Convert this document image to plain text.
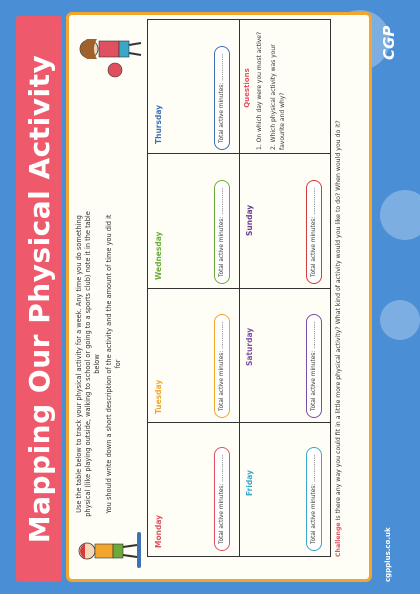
Mapping Our Physical Activity	Use the table below to track your physical activity for a week. Any time you do something physical (like playing outside, walking to school or going to a sports club) note it in the table below You should write down a short description of the activity and the amount of time you did it for

Monday
Tuesday
Wednesday
Thursday
Friday
Saturday
Sunday
Total active minutes: ...............
Total active minutes: ...............
Total active minutes: ...............
Total active minutes: ...............
Total active minutes: ...............
Total active minutes: ...............
Total active minutes: ...............
Questions 1. On which day were you most active? 2. Which physical activity was your favourite and why?

Challenge Is there any way you could fit in a little more physical activity? What kind of activity would you like to do? When would you do it?
cgpplus.co.uk
CGP
